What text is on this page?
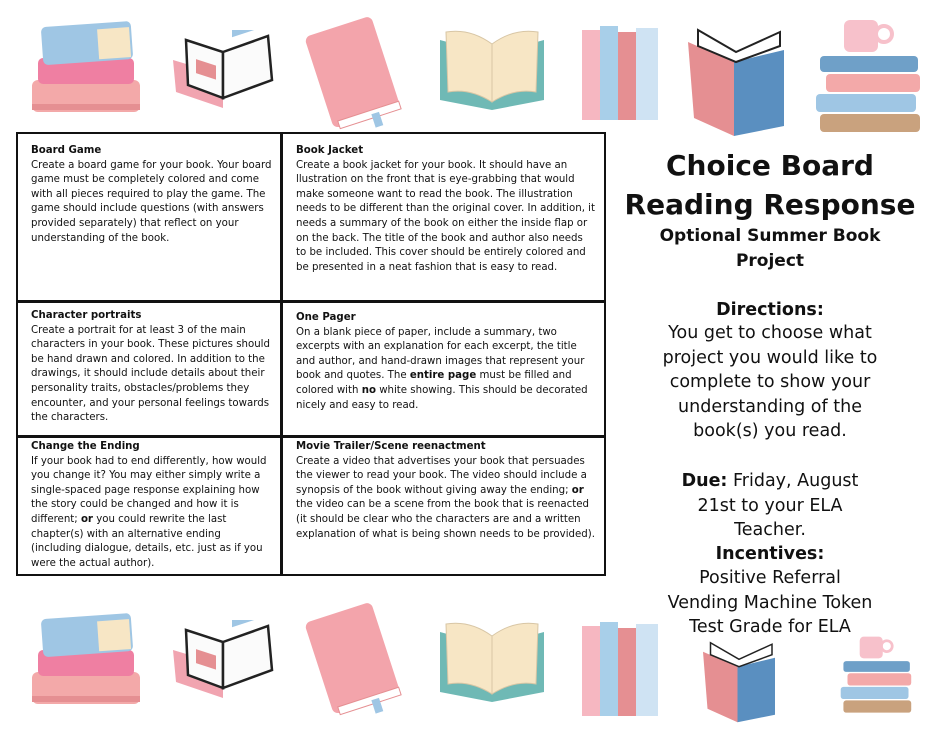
Board Game
Create a board game for your book. Your board game must be completely colored and come with all pieces required to play the game. The game should include questions (with answers provided separately) that reflect on your understanding of the book.
Book Jacket
Create a book jacket for your book. It should have an llustration on the front that is eye-grabbing that would make someone want to read the book. The illustration needs to be different than the original cover. In addition, it needs a summary of the book on either the inside flap or on the back. The title of the book and author also needs to be included. This cover should be entirely colored and be presented in a neat fashion that is easy to read.
Character portraits
Create a portrait for at least 3 of the main characters in your book. These pictures should be hand drawn and colored. In addition to the drawings, it should include details about their personality traits, obstacles/problems they encounter, and your personal feelings towards the characters.
One Pager
On a blank piece of paper, include a summary, two excerpts with an explanation for each excerpt, the title and author, and hand-drawn images that represent your book and quotes. The entire page must be filled and colored with no white showing. This should be decorated nicely and easy to read.
Change the Ending
If your book had to end differently, how would you change it? You may either simply write a single-spaced page response explaining how the story could be changed and how it is different; or you could rewrite the last chapter(s) with an alternative ending (including dialogue, details, etc. just as if you were the actual author).
Movie Trailer/Scene reenactment
Create a video that advertises your book that persuades the viewer to read your book. The video should include a synopsis of the book without giving away the ending; or the video can be a scene from the book that is reenacted (it should be clear who the characters are and a written explanation of what is being shown needs to be provided).
Choice Board
Reading Response
Optional Summer Book
Project
Directions:
You get to choose what project you would like to complete to show your understanding of the book(s) you read.
Due: Friday, August 21st to your ELA Teacher.
Incentives:
Positive Referral
Vending Machine Token
Test Grade for ELA
